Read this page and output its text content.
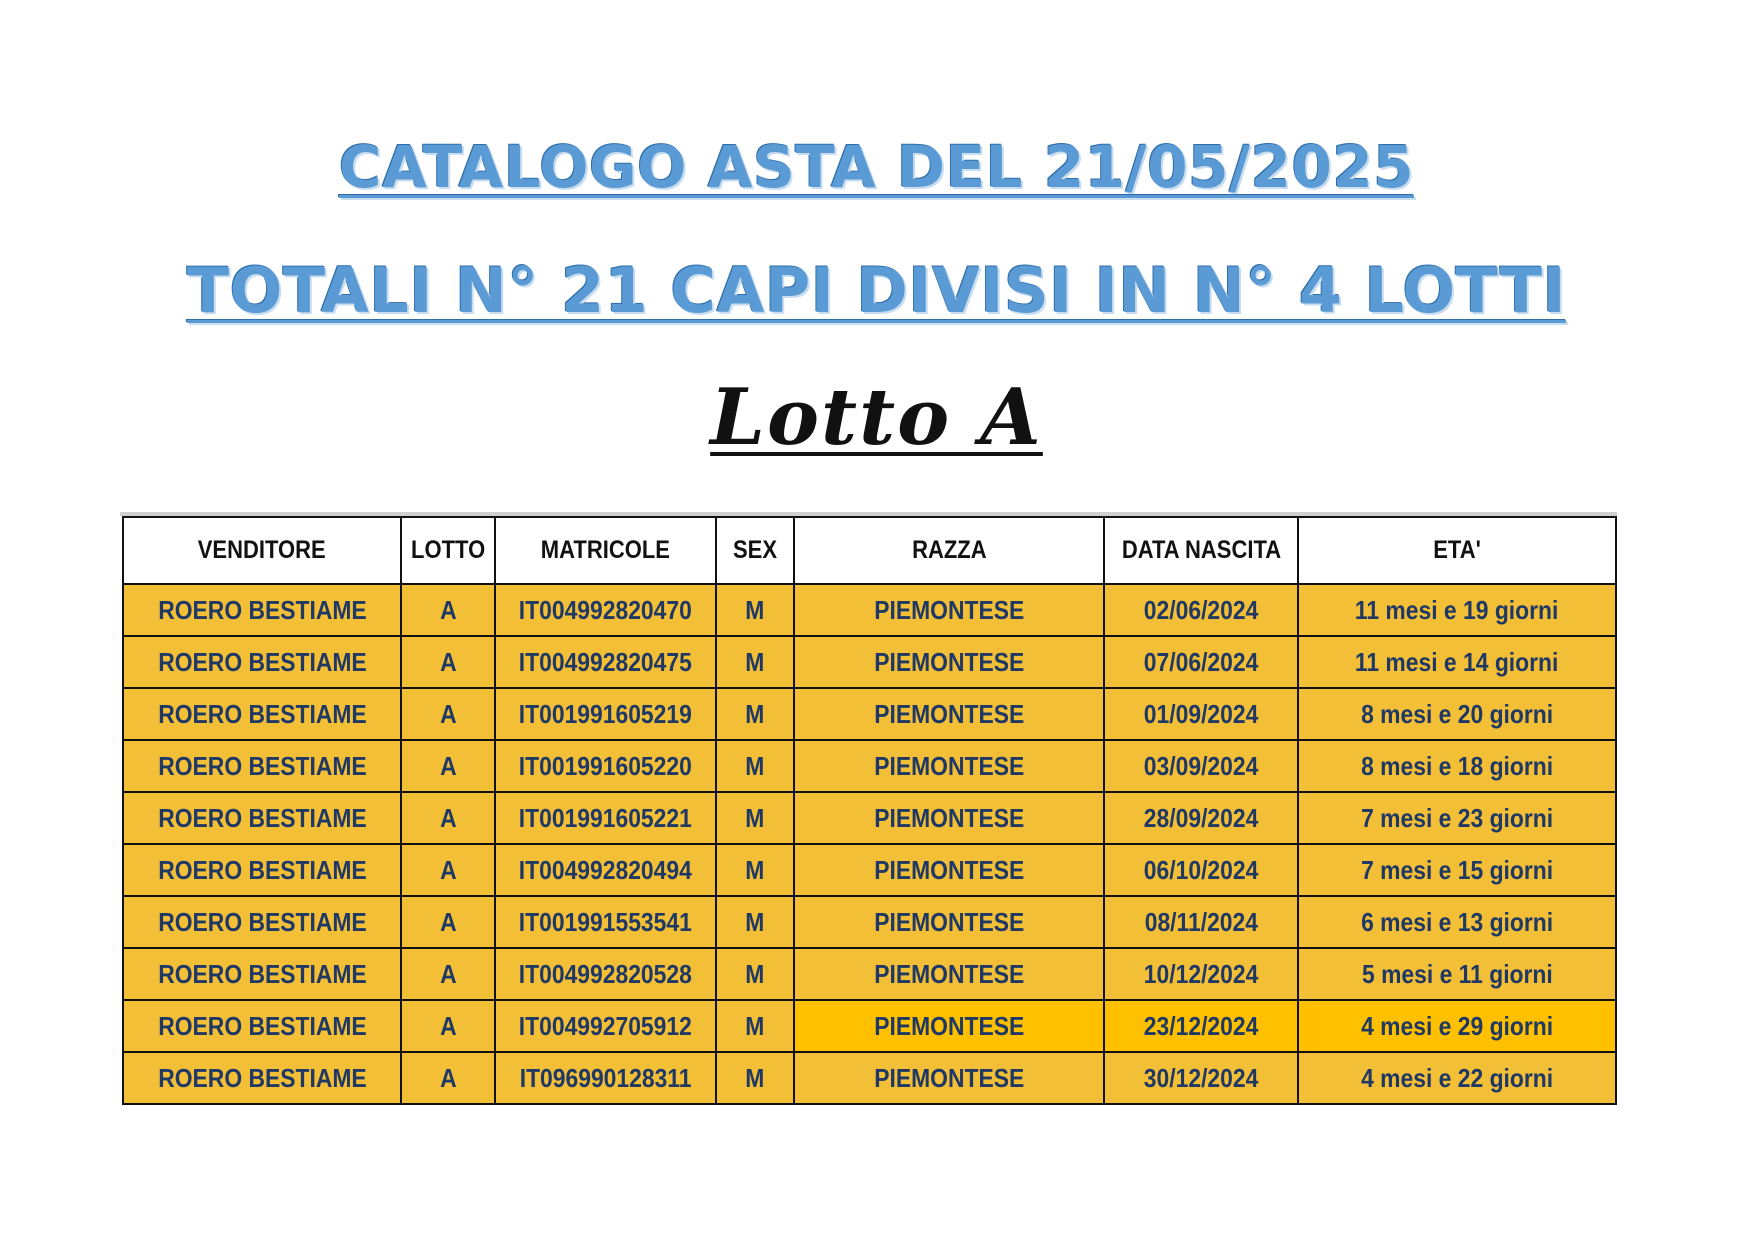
CATALOGO ASTA DEL 21/05/2025
TOTALI N° 21 CAPI DIVISI IN N° 4 LOTTI
Lotto A
VENDITORE	LOTTO	MATRICOLE	SEX	RAZZA	DATA NASCITA	ETA'
ROERO BESTIAME	A	IT004992820470	M	PIEMONTESE	02/06/2024	11 mesi e 19 giorni
ROERO BESTIAME	A	IT004992820475	M	PIEMONTESE	07/06/2024	11 mesi e 14 giorni
ROERO BESTIAME	A	IT001991605219	M	PIEMONTESE	01/09/2024	8 mesi e 20 giorni
ROERO BESTIAME	A	IT001991605220	M	PIEMONTESE	03/09/2024	8 mesi e 18 giorni
ROERO BESTIAME	A	IT001991605221	M	PIEMONTESE	28/09/2024	7 mesi e 23 giorni
ROERO BESTIAME	A	IT004992820494	M	PIEMONTESE	06/10/2024	7 mesi e 15 giorni
ROERO BESTIAME	A	IT001991553541	M	PIEMONTESE	08/11/2024	6 mesi e 13 giorni
ROERO BESTIAME	A	IT004992820528	M	PIEMONTESE	10/12/2024	5 mesi e 11 giorni
ROERO BESTIAME	A	IT004992705912	M	PIEMONTESE	23/12/2024	4 mesi e 29 giorni
ROERO BESTIAME	A	IT096990128311	M	PIEMONTESE	30/12/2024	4 mesi e 22 giorni
